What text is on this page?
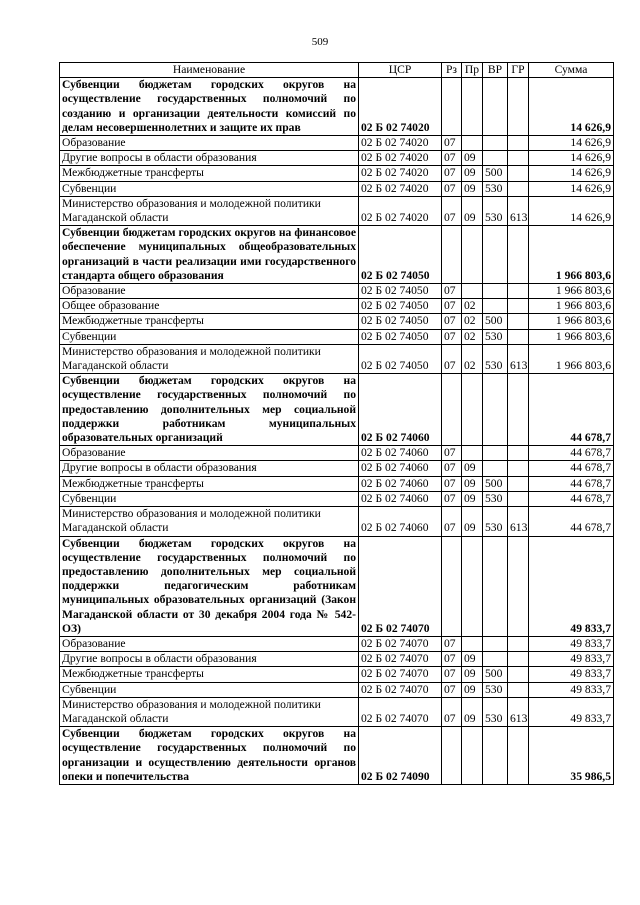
509
Наименование	ЦСР	Рз	Пр	ВР	ГР	Сумма
Субвенции бюджетам городских округов на осуществление государственных полномочий по созданию и организации деятельности комиссий по делам несовершеннолетних и защите их прав	02 Б 02 74020					14 626,9
Образование	02 Б 02 74020	07				14 626,9
Другие вопросы в области образования	02 Б 02 74020	07	09			14 626,9
Межбюджетные трансферты	02 Б 02 74020	07	09	500		14 626,9
Субвенции	02 Б 02 74020	07	09	530		14 626,9
Министерство образования и молодежной политики Магаданской области	02 Б 02 74020	07	09	530	613	14 626,9
Субвенции бюджетам городских округов на финансовое обеспечение муниципальных общеобразовательных организаций в части реализации ими государственного стандарта общего образования	02 Б 02 74050					1 966 803,6
Образование	02 Б 02 74050	07				1 966 803,6
Общее образование	02 Б 02 74050	07	02			1 966 803,6
Межбюджетные трансферты	02 Б 02 74050	07	02	500		1 966 803,6
Субвенции	02 Б 02 74050	07	02	530		1 966 803,6
Министерство образования и молодежной политики Магаданской области	02 Б 02 74050	07	02	530	613	1 966 803,6
Субвенции бюджетам городских округов на осуществление государственных полномочий по предоставлению дополнительных мер социальной поддержки работникам муниципальных образовательных организаций	02 Б 02 74060					44 678,7
Образование	02 Б 02 74060	07				44 678,7
Другие вопросы в области образования	02 Б 02 74060	07	09			44 678,7
Межбюджетные трансферты	02 Б 02 74060	07	09	500		44 678,7
Субвенции	02 Б 02 74060	07	09	530		44 678,7
Министерство образования и молодежной политики Магаданской области	02 Б 02 74060	07	09	530	613	44 678,7
Субвенции бюджетам городских округов на осуществление государственных полномочий по предоставлению дополнительных мер социальной поддержки педагогическим работникам муниципальных образовательных организаций (Закон Магаданской области от 30 декабря 2004 года № 542-ОЗ)	02 Б 02 74070					49 833,7
Образование	02 Б 02 74070	07				49 833,7
Другие вопросы в области образования	02 Б 02 74070	07	09			49 833,7
Межбюджетные трансферты	02 Б 02 74070	07	09	500		49 833,7
Субвенции	02 Б 02 74070	07	09	530		49 833,7
Министерство образования и молодежной политики Магаданской области	02 Б 02 74070	07	09	530	613	49 833,7
Субвенции бюджетам городских округов на осуществление государственных полномочий по организации и осуществлению деятельности органов опеки и попечительства	02 Б 02 74090					35 986,5
